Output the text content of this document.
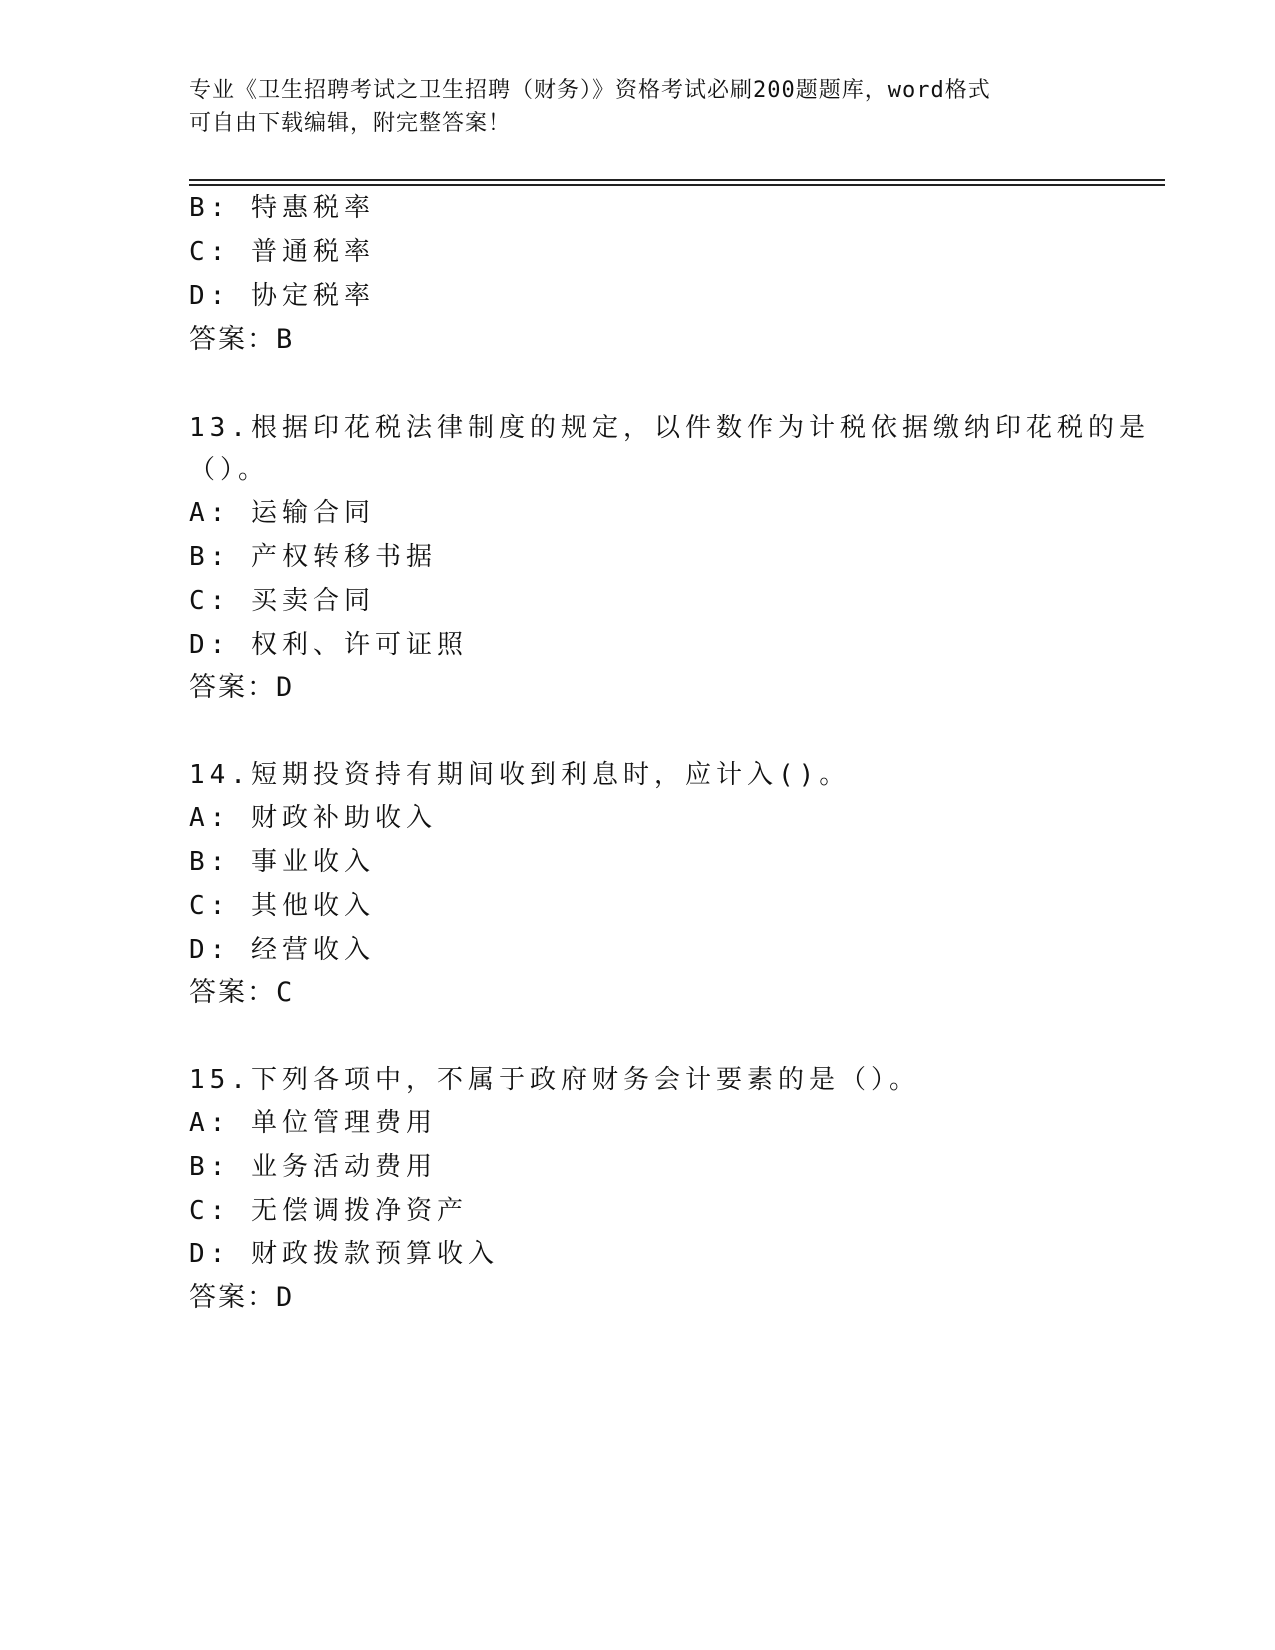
专业《卫生招聘考试之卫生招聘（财务）》资格考试必刷200题题库，word格式
可自由下载编辑，附完整答案！
B: 特惠税率
C: 普通税率
D: 协定税率
答案：B
13.根据印花税法律制度的规定，以件数作为计税依据缴纳印花税的是
（）。
A: 运输合同
B: 产权转移书据
C: 买卖合同
D: 权利、许可证照
答案：D
14.短期投资持有期间收到利息时，应计入()。
A: 财政补助收入
B: 事业收入
C: 其他收入
D: 经营收入
答案：C
15.下列各项中，不属于政府财务会计要素的是（）。
A: 单位管理费用
B: 业务活动费用
C: 无偿调拨净资产
D: 财政拨款预算收入
答案：D
